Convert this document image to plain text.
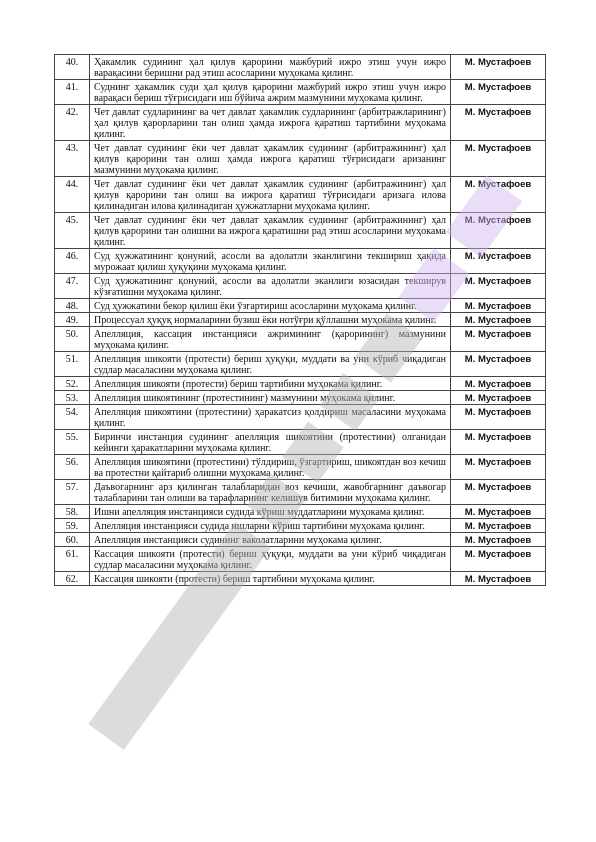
40.	Ҳакамлик судининг ҳал қилув қарорини мажбурий ижро этиш учун ижро варақасини беришни рад этиш асосларини муҳокама қилинг.	М. Мустафоев
41.	Суднинг ҳакамлик суди ҳал қилув қарорини мажбурий ижро этиш учун ижро варақаси бериш тўғрисидаги иш бўйича ажрим мазмунини муҳокама қилинг.	М. Мустафоев
42.	Чет давлат судларининг ва чет давлат ҳакамлик судларининг (арбитражларининг) ҳал қилув қарорларини тан олиш ҳамда ижрога қаратиш тартибини муҳокама қилинг.	М. Мустафоев
43.	Чет давлат судининг ёки чет давлат ҳакамлик судининг (арбитражининг) ҳал қилув қарорини тан олиш ҳамда ижрога қаратиш тўғрисидаги аризанинг мазмунини муҳокама қилинг.	М. Мустафоев
44.	Чет давлат судининг ёки чет давлат ҳакамлик судининг (арбитражининг) ҳал қилув қарорини тан олиш ва ижрога қаратиш тўғрисидаги аризага илова қилинадиган илова қилинадиган ҳужжатларни муҳокама қилинг.	М. Мустафоев
45.	Чет давлат судининг ёки чет давлат ҳакамлик судининг (арбитражининг) ҳал қилув қарорини тан олишни ва ижрога қаратишни рад этиш асосларини муҳокама қилинг.	М. Мустафоев
46.	Суд ҳужжатининг қонуний, асосли ва адолатли эканлигини текшириш ҳақида мурожаат қилиш ҳуқуқини муҳокама қилинг.	М. Мустафоев
47.	Суд ҳужжатининг қонуний, асосли ва адолатли эканлиги юзасидан текширув кўзғатишни муҳокама қилинг.	М. Мустафоев
48.	Суд ҳужжатини бекор қилиш ёки ўзгартириш асосларини муҳокама қилинг.	М. Мустафоев
49.	Процессуал ҳуқуқ нормаларини бузиш ёки нотўғри қўллашни муҳокама қилинг.	М. Мустафоев
50.	Апелляция, кассация инстанцияси ажримининг (қарорининг) мазмунини муҳокама қилинг.	М. Мустафоев
51.	Апелляция шикояти (протести) бериш ҳуқуқи, муддати ва уни кўриб чиқадиган судлар масаласини муҳокама қилинг.	М. Мустафоев
52.	Апелляция шикояти (протести) бериш тартибини муҳокама қилинг.	М. Мустафоев
53.	Апелляция шикоятининг (протестининг) мазмунини муҳокама қилинг.	М. Мустафоев
54.	Апелляция шикоятини (протестини) ҳаракатсиз қолдириш масаласини муҳокама қилинг.	М. Мустафоев
55.	Биринчи инстанция судининг апелляция шикоятини (протестини) олганидан кейинги ҳаракатларини муҳокама қилинг.	М. Мустафоев
56.	Апелляция шикоятини (протестини) тўлдириш, ўзгартириш, шикоятдан воз кечиш ва протестни қайтариб олишни муҳокама қилинг.	М. Мустафоев
57.	Даъвогарнинг арз қилинган талабларидан воз кечиши, жавобгарнинг даъвогар талабларини тан олиши ва тарафларнинг келишув битимини муҳокама қилинг.	М. Мустафоев
58.	Ишни апелляция инстанцияси судида кўриш муддатларини муҳокама қилинг.	М. Мустафоев
59.	Апелляция инстанцияси судида ишларни кўриш тартибини муҳокама қилинг.	М. Мустафоев
60.	Апелляция инстанцияси судининг ваколатларини муҳокама қилинг.	М. Мустафоев
61.	Кассация шикояти (протести) бериш ҳуқуқи, муддати ва уни кўриб чиқадиган судлар масаласини муҳокама қилинг.	М. Мустафоев
62.	Кассация шикояти (протести) бериш тартибини муҳокама қилинг.	М. Мустафоев
